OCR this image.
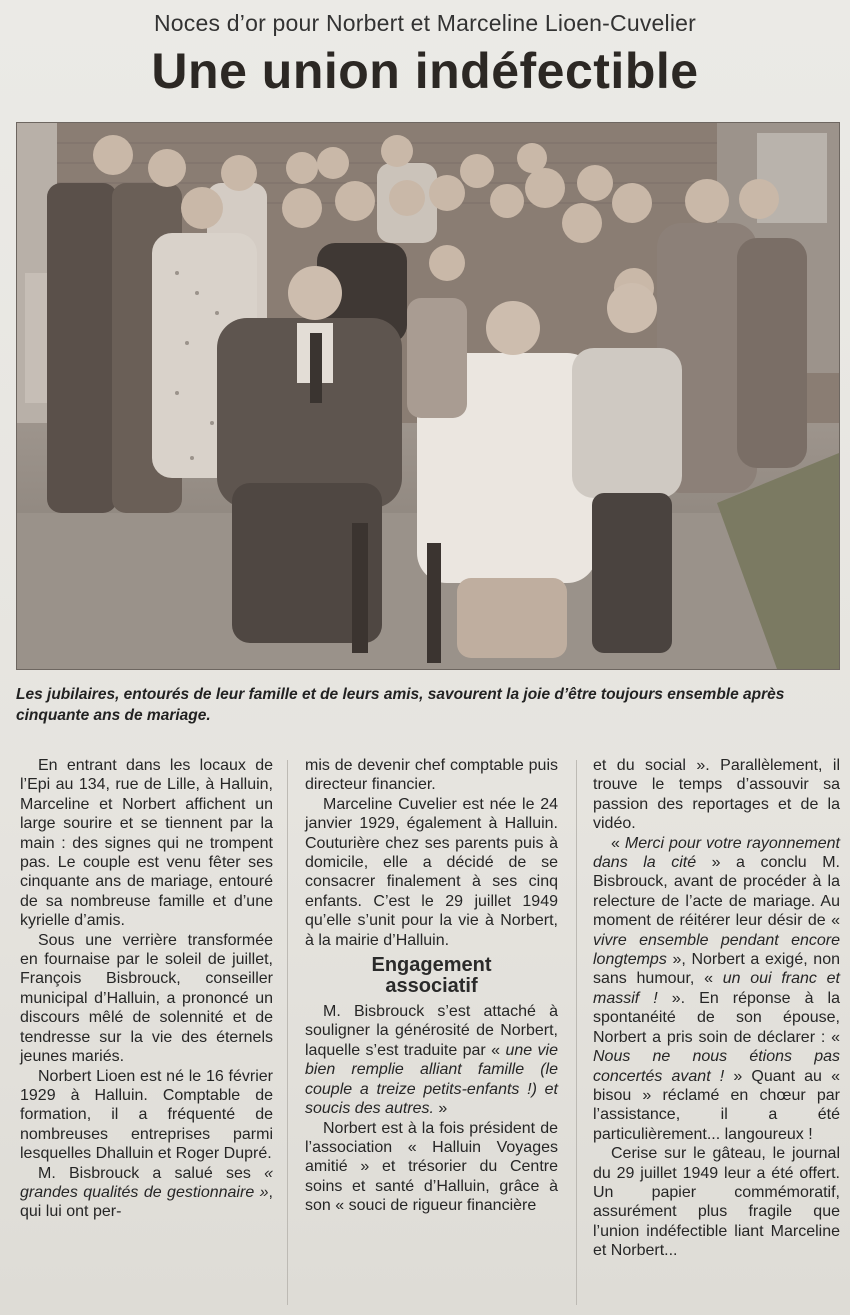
Noces d’or pour Norbert et Marceline Lioen-Cuvelier
Une union indéfectible
Les jubilaires, entourés de leur famille et de leurs amis, savourent la joie d’être toujours ensemble après cinquante ans de mariage.

En entrant dans les locaux de l’Epi au 134, rue de Lille, à Halluin, Marceline et Norbert affichent un large sourire et se tiennent par la main : des signes qui ne trompent pas. Le couple est venu fêter ses cinquante ans de mariage, entouré de sa nombreuse famille et d’une kyrielle d’amis.

Sous une verrière transformée en fournaise par le soleil de juillet, François Bisbrouck, conseiller municipal d’Halluin, a prononcé un discours mêlé de solennité et de tendresse sur la vie des éternels jeunes mariés.

Norbert Lioen est né le 16 février 1929 à Halluin. Comptable de formation, il a fréquenté de nombreuses entreprises parmi lesquelles Dhalluin et Roger Dupré.

M. Bisbrouck a salué ses « grandes qualités de gestionnaire », qui lui ont per-

mis de devenir chef comptable puis directeur financier.

Marceline Cuvelier est née le 24 janvier 1929, également à Halluin. Couturière chez ses parents puis à domicile, elle a décidé de se consacrer finalement à ses cinq enfants. C’est le 29 juillet 1949 qu’elle s’unit pour la vie à Norbert, à la mairie d’Halluin.

Engagement
associatif

M. Bisbrouck s’est attaché à souligner la générosité de Norbert, laquelle s’est traduite par « une vie bien remplie alliant famille (le couple a treize petits-enfants !) et soucis des autres. »

Norbert est à la fois président de l’association « Halluin Voyages amitié » et trésorier du Centre soins et santé d’Halluin, grâce à son « souci de rigueur financière

et du social ». Parallèlement, il trouve le temps d’assouvir sa passion des reportages et de la vidéo.

« Merci pour votre rayonnement dans la cité » a conclu M. Bisbrouck, avant de procéder à la relecture de l’acte de mariage. Au moment de réitérer leur désir de « vivre ensemble pendant encore longtemps », Norbert a exigé, non sans humour, « un oui franc et massif ! ». En réponse à la spontanéité de son épouse, Norbert a pris soin de déclarer : « Nous ne nous étions pas concertés avant ! » Quant au « bisou » réclamé en chœur par l’assistance, il a été particulièrement... langoureux !

Cerise sur le gâteau, le journal du 29 juillet 1949 leur a été offert. Un papier commémoratif, assurément plus fragile que l’union indéfectible liant Marceline et Norbert...
